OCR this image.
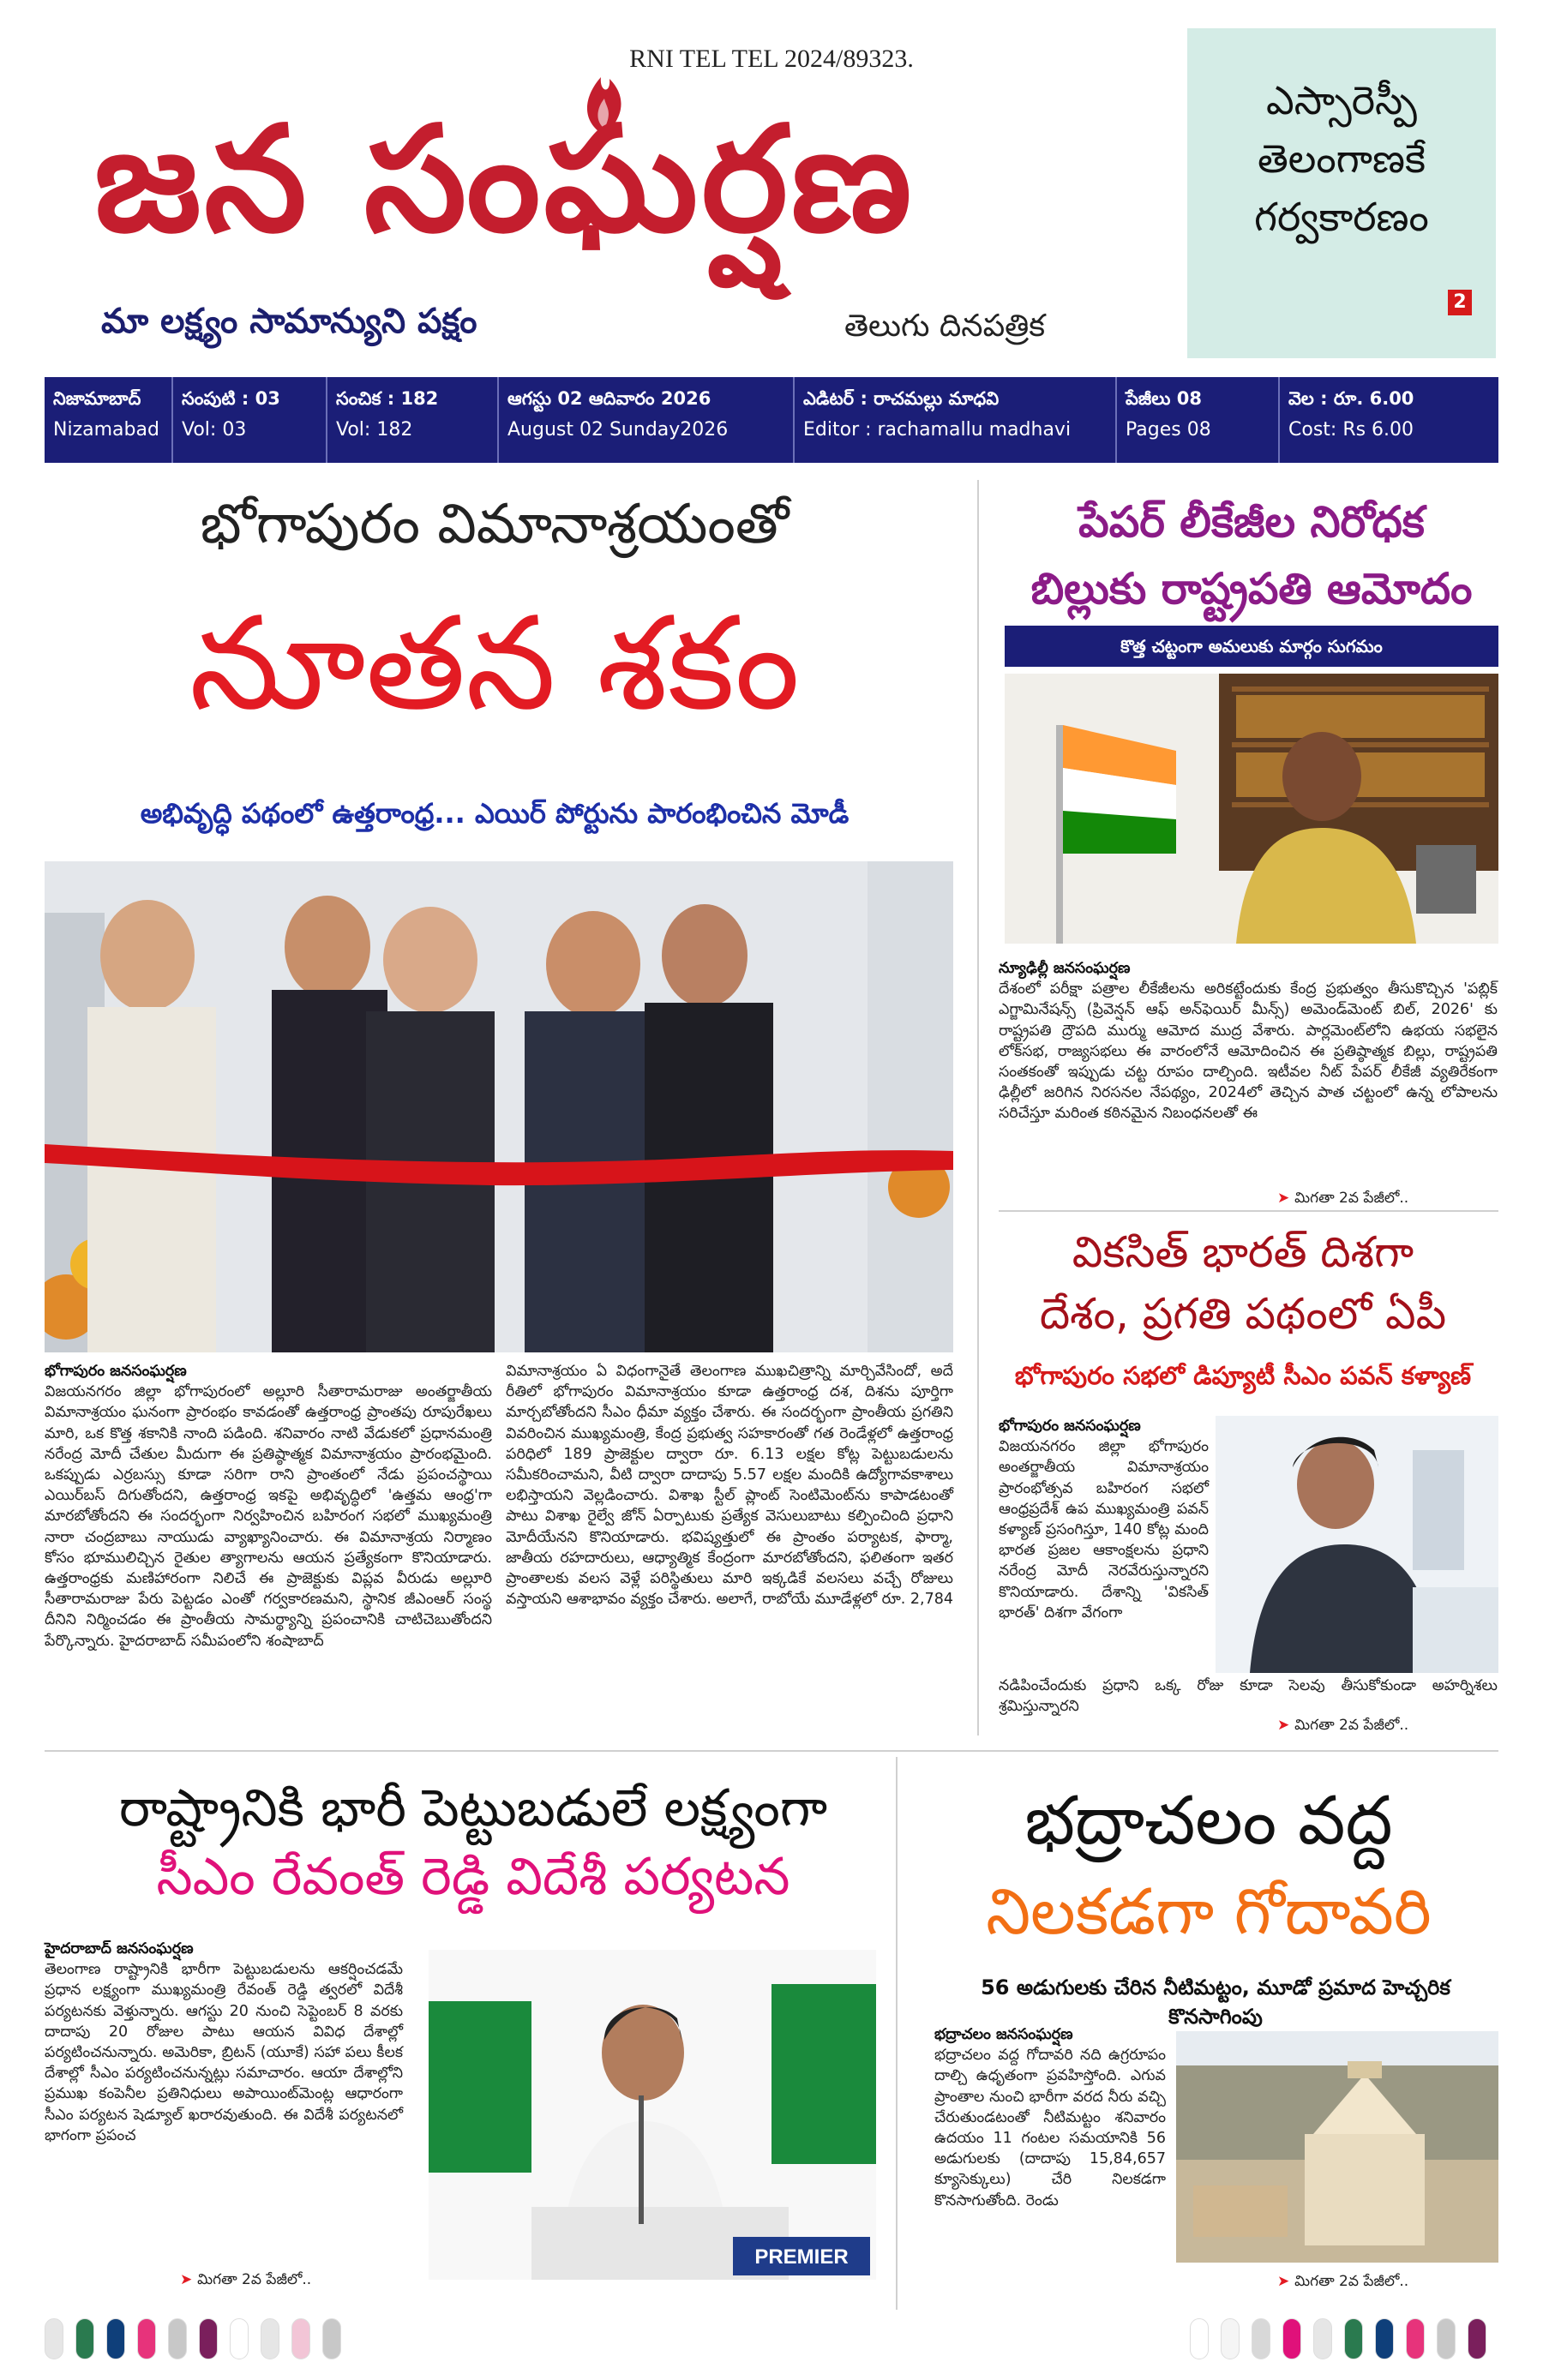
RNI TEL TEL 2024/89323.
జన సంఘర్షణ
మా లక్ష్యం సామాన్యుని పక్షం	తెలుగు దినపత్రిక
ఎస్సారెస్పీ
తెలంగాణకే
గర్వకారణం
2
నిజామాబాద్
Nizamabad
సంపుటి : 03
Vol: 03
సంచిక : 182
Vol: 182
ఆగస్టు 02 ఆదివారం 2026
August 02 Sunday2026
ఎడిటర్ : రాచమల్లు మాధవి
Editor : rachamallu madhavi
పేజీలు 08
Pages 08
వెల : రూ. 6.00
Cost: Rs 6.00
భోగాపురం విమానాశ్రయంతో
నూతన శకం
అభివృద్ధి పథంలో ఉత్తరాంధ్ర... ఎయిర్ పోర్టును పారంభించిన మోడీ
భోగాపురం జనసంఘర్షణ
విజయనగరం జిల్లా భోగాపురంలో అల్లూరి సీతారామరాజు అంతర్జాతీయ విమానాశ్రయం ఘనంగా ప్రారంభం కావడంతో ఉత్తరాంధ్ర ప్రాంతపు రూపురేఖలు మారి, ఒక కొత్త శకానికి నాంది పడింది. శనివారం నాటి వేడుకలో ప్రధానమంత్రి నరేంద్ర మోదీ చేతుల మీదుగా ఈ ప్రతిష్ఠాత్మక విమానాశ్రయం ప్రారంభమైంది. ఒకప్పుడు ఎర్రబస్సు కూడా సరిగా రాని ప్రాంతంలో నేడు ప్రపంచస్థాయి ఎయిర్‌బస్ దిగుతోందని, ఉత్తరాంధ్ర ఇకపై అభివృద్ధిలో 'ఉత్తమ ఆంధ్ర'గా మారబోతోందని ఈ సందర్భంగా నిర్వహించిన బహిరంగ సభలో ముఖ్యమంత్రి నారా చంద్రబాబు నాయుడు వ్యాఖ్యానించారు. ఈ విమానాశ్రయ నిర్మాణం కోసం భూములిచ్చిన రైతుల త్యాగాలను ఆయన ప్రత్యేకంగా కొనియాడారు. ఉత్తరాంధ్రకు మణిహారంగా నిలిచే ఈ ప్రాజెక్టుకు విప్లవ వీరుడు అల్లూరి సీతారామరాజు పేరు పెట్టడం ఎంతో గర్వకారణమని, స్థానిక జీఎంఆర్ సంస్థ దీనిని నిర్మించడం ఈ ప్రాంతీయ సామర్థ్యాన్ని ప్రపంచానికి చాటిచెబుతోందని పేర్కొన్నారు. హైదరాబాద్ సమీపంలోని శంషాబాద్
విమానాశ్రయం ఏ విధంగానైతే తెలంగాణ ముఖచిత్రాన్ని మార్చివేసిందో, అదే రీతిలో భోగాపురం విమానాశ్రయం కూడా ఉత్తరాంధ్ర దశ, దిశను పూర్తిగా మార్చబోతోందని సీఎం ధీమా వ్యక్తం చేశారు. ఈ సందర్భంగా ప్రాంతీయ ప్రగతిని వివరించిన ముఖ్యమంత్రి, కేంద్ర ప్రభుత్వ సహకారంతో గత రెండేళ్లలో ఉత్తరాంధ్ర పరిధిలో 189 ప్రాజెక్టుల ద్వారా రూ. 6.13 లక్షల కోట్ల పెట్టుబడులను సమీకరించామని, వీటి ద్వారా దాదాపు 5.57 లక్షల మందికి ఉద్యోగావకాశాలు లభిస్తాయని వెల్లడించారు. విశాఖ స్టీల్ ప్లాంట్ సెంటిమెంట్‌ను కాపాడటంతో పాటు విశాఖ రైల్వే జోన్ ఏర్పాటుకు ప్రత్యేక వెసులుబాటు కల్పించింది ప్రధాని మోదీయేనని కొనియాడారు. భవిష్యత్తులో ఈ ప్రాంతం పర్యాటక, ఫార్మా, జాతీయ రహదారులు, ఆధ్యాత్మిక కేంద్రంగా మారబోతోందని, ఫలితంగా ఇతర ప్రాంతాలకు వలస వెళ్లే పరిస్థితులు మారి ఇక్కడికే వలసలు వచ్చే రోజులు వస్తాయని ఆశాభావం వ్యక్తం చేశారు. అలాగే, రాబోయే మూడేళ్లలో రూ. 2,784
పేపర్ లీకేజీల నిరోధక
బిల్లుకు రాష్ట్రపతి ఆమోదం
కొత్త చట్టంగా అమలుకు మార్గం సుగమం
న్యూఢిల్లీ జనసంఘర్షణ
దేశంలో పరీక్షా పత్రాల లీకేజీలను అరికట్టేందుకు కేంద్ర ప్రభుత్వం తీసుకొచ్చిన 'పబ్లిక్ ఎగ్జామినేషన్స్ (ప్రివెన్షన్ ఆఫ్ అన్‌ఫెయిర్ మీన్స్) అమెండ్‌మెంట్ బిల్, 2026' కు రాష్ట్రపతి ద్రౌపది ముర్ము ఆమోద ముద్ర వేశారు. పార్లమెంట్‌లోని ఉభయ సభలైన లోక్‌సభ, రాజ్యసభలు ఈ వారంలోనే ఆమోదించిన ఈ ప్రతిష్ఠాత్మక బిల్లు, రాష్ట్రపతి సంతకంతో ఇప్పుడు చట్ట రూపం దాల్చింది. ఇటీవల నీట్ పేపర్ లీకేజీ వ్యతిరేకంగా ఢిల్లీలో జరిగిన నిరసనల నేపథ్యం, 2024లో తెచ్చిన పాత చట్టంలో ఉన్న లోపాలను సరిచేస్తూ మరింత కఠినమైన నిబంధనలతో ఈ
➤ మిగతా 2వ పేజీలో..
వికసిత్ భారత్ దిశగా
దేశం, ప్రగతి పథంలో ఏపీ
భోగాపురం సభలో డిప్యూటీ సీఎం పవన్ కళ్యాణ్
భోగాపురం జనసంఘర్షణ
విజయనగరం జిల్లా భోగాపురం అంతర్జాతీయ విమానాశ్రయం ప్రారంభోత్సవ బహిరంగ సభలో ఆంధ్రప్రదేశ్ ఉప ముఖ్యమంత్రి పవన్ కళ్యాణ్ ప్రసంగిస్తూ, 140 కోట్ల మంది భారత ప్రజల ఆకాంక్షలను ప్రధాని నరేంద్ర మోదీ నెరవేరుస్తున్నారని కొనియాడారు. దేశాన్ని 'వికసిత్ భారత్' దిశగా వేగంగా
నడిపించేందుకు ప్రధాని ఒక్క రోజు కూడా సెలవు తీసుకోకుండా అహర్నిశలు శ్రమిస్తున్నారని
➤ మిగతా 2వ పేజీలో..
రాష్ట్రానికి భారీ పెట్టుబడులే లక్ష్యంగా
సీఎం రేవంత్ రెడ్డి విదేశీ పర్యటన
హైదరాబాద్ జనసంఘర్షణ
తెలంగాణ రాష్ట్రానికి భారీగా పెట్టుబడులను ఆకర్షించడమే ప్రధాన లక్ష్యంగా ముఖ్యమంత్రి రేవంత్ రెడ్డి త్వరలో విదేశీ పర్యటనకు వెళ్తున్నారు. ఆగస్టు 20 నుంచి సెప్టెంబర్ 8 వరకు దాదాపు 20 రోజుల పాటు ఆయన వివిధ దేశాల్లో పర్యటించనున్నారు. అమెరికా, బ్రిటన్ (యూకే) సహా పలు కీలక దేశాల్లో సీఎం పర్యటించనున్నట్లు సమాచారం. ఆయా దేశాల్లోని ప్రముఖ కంపెనీల ప్రతినిధులు అపాయింట్‌మెంట్ల ఆధారంగా సీఎం పర్యటన షెడ్యూల్ ఖరారవుతుంది. ఈ విదేశీ పర్యటనలో భాగంగా ప్రపంచ
PREMIER
➤ మిగతా 2వ పేజీలో..
భద్రాచలం వద్ద
నిలకడగా గోదావరి
56 అడుగులకు చేరిన నీటిమట్టం, మూడో ప్రమాద హెచ్చరిక కొనసాగింపు
భద్రాచలం జనసంఘర్షణ
భద్రాచలం వద్ద గోదావరి నది ఉగ్రరూపం దాల్చి ఉధృతంగా ప్రవహిస్తోంది. ఎగువ ప్రాంతాల నుంచి భారీగా వరద నీరు వచ్చి చేరుతుండటంతో నీటిమట్టం శనివారం ఉదయం 11 గంటల సమయానికి 56 అడుగులకు (దాదాపు 15,84,657 క్యూసెక్కులు) చేరి నిలకడగా కొనసాగుతోంది. రెండు
➤ మిగతా 2వ పేజీలో..
